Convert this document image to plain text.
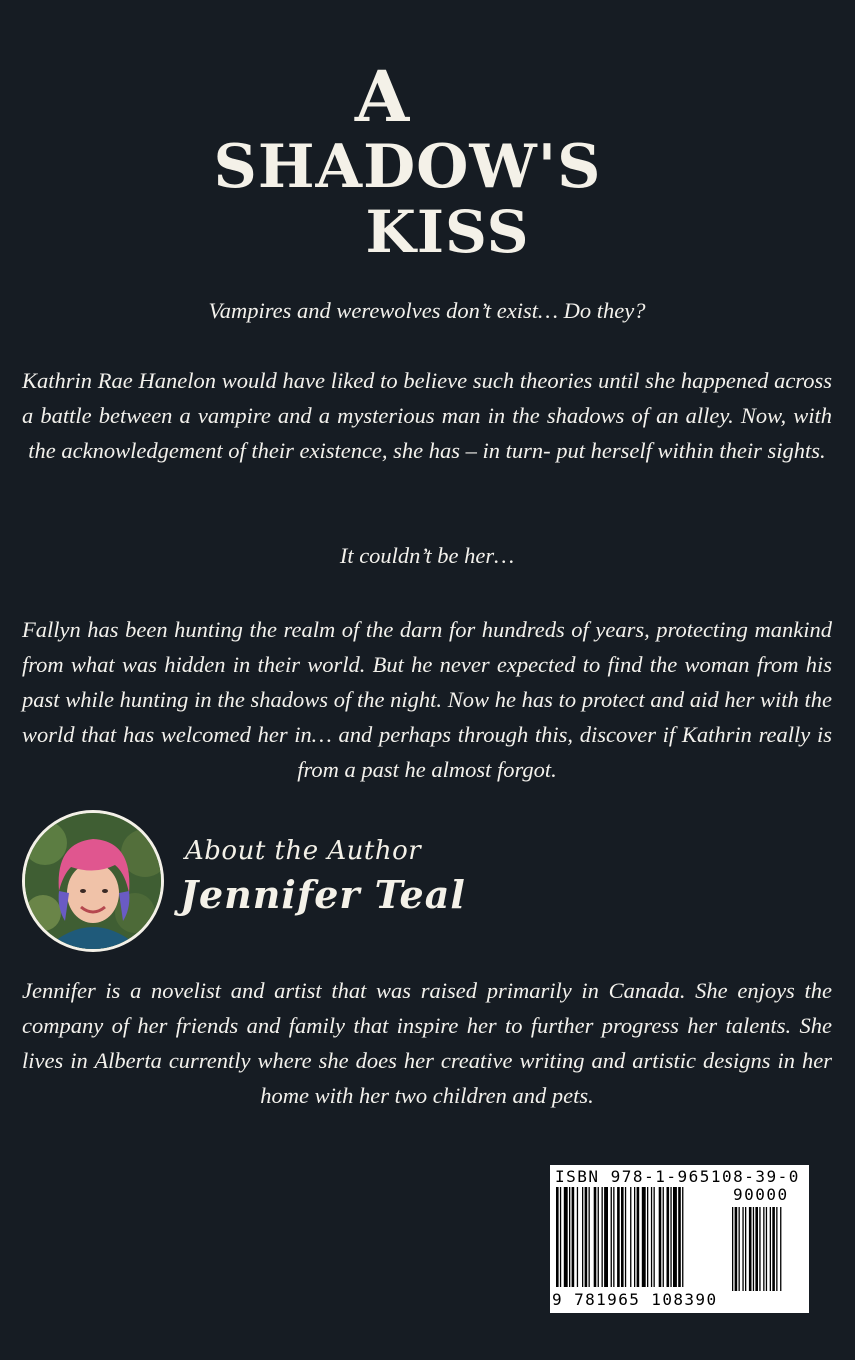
A
SHADOW'S
KISS
Vampires and werewolves don’t exist… Do they?
Kathrin Rae Hanelon would have liked to believe such theories until she happened across a battle between a vampire and a mysterious man in the shadows of an alley. Now, with the acknowledgement of their existence, she has – in turn- put herself within their sights.
It couldn’t be her…
Fallyn has been hunting the realm of the darn for hundreds of years, protecting mankind from what was hidden in their world. But he never expected to find the woman from his past while hunting in the shadows of the night. Now he has to protect and aid her with the world that has welcomed her in… and perhaps through this, discover if Kathrin really is from a past he almost forgot.
About the Author
Jennifer Teal
Jennifer is a novelist and artist that was raised primarily in Canada. She enjoys the company of her friends and family that inspire her to further progress her talents. She lives in Alberta currently where she does her creative writing and artistic designs in her home with her two children and pets.
ISBN 978-1-965108-39-0
90000
9 781965 108390
